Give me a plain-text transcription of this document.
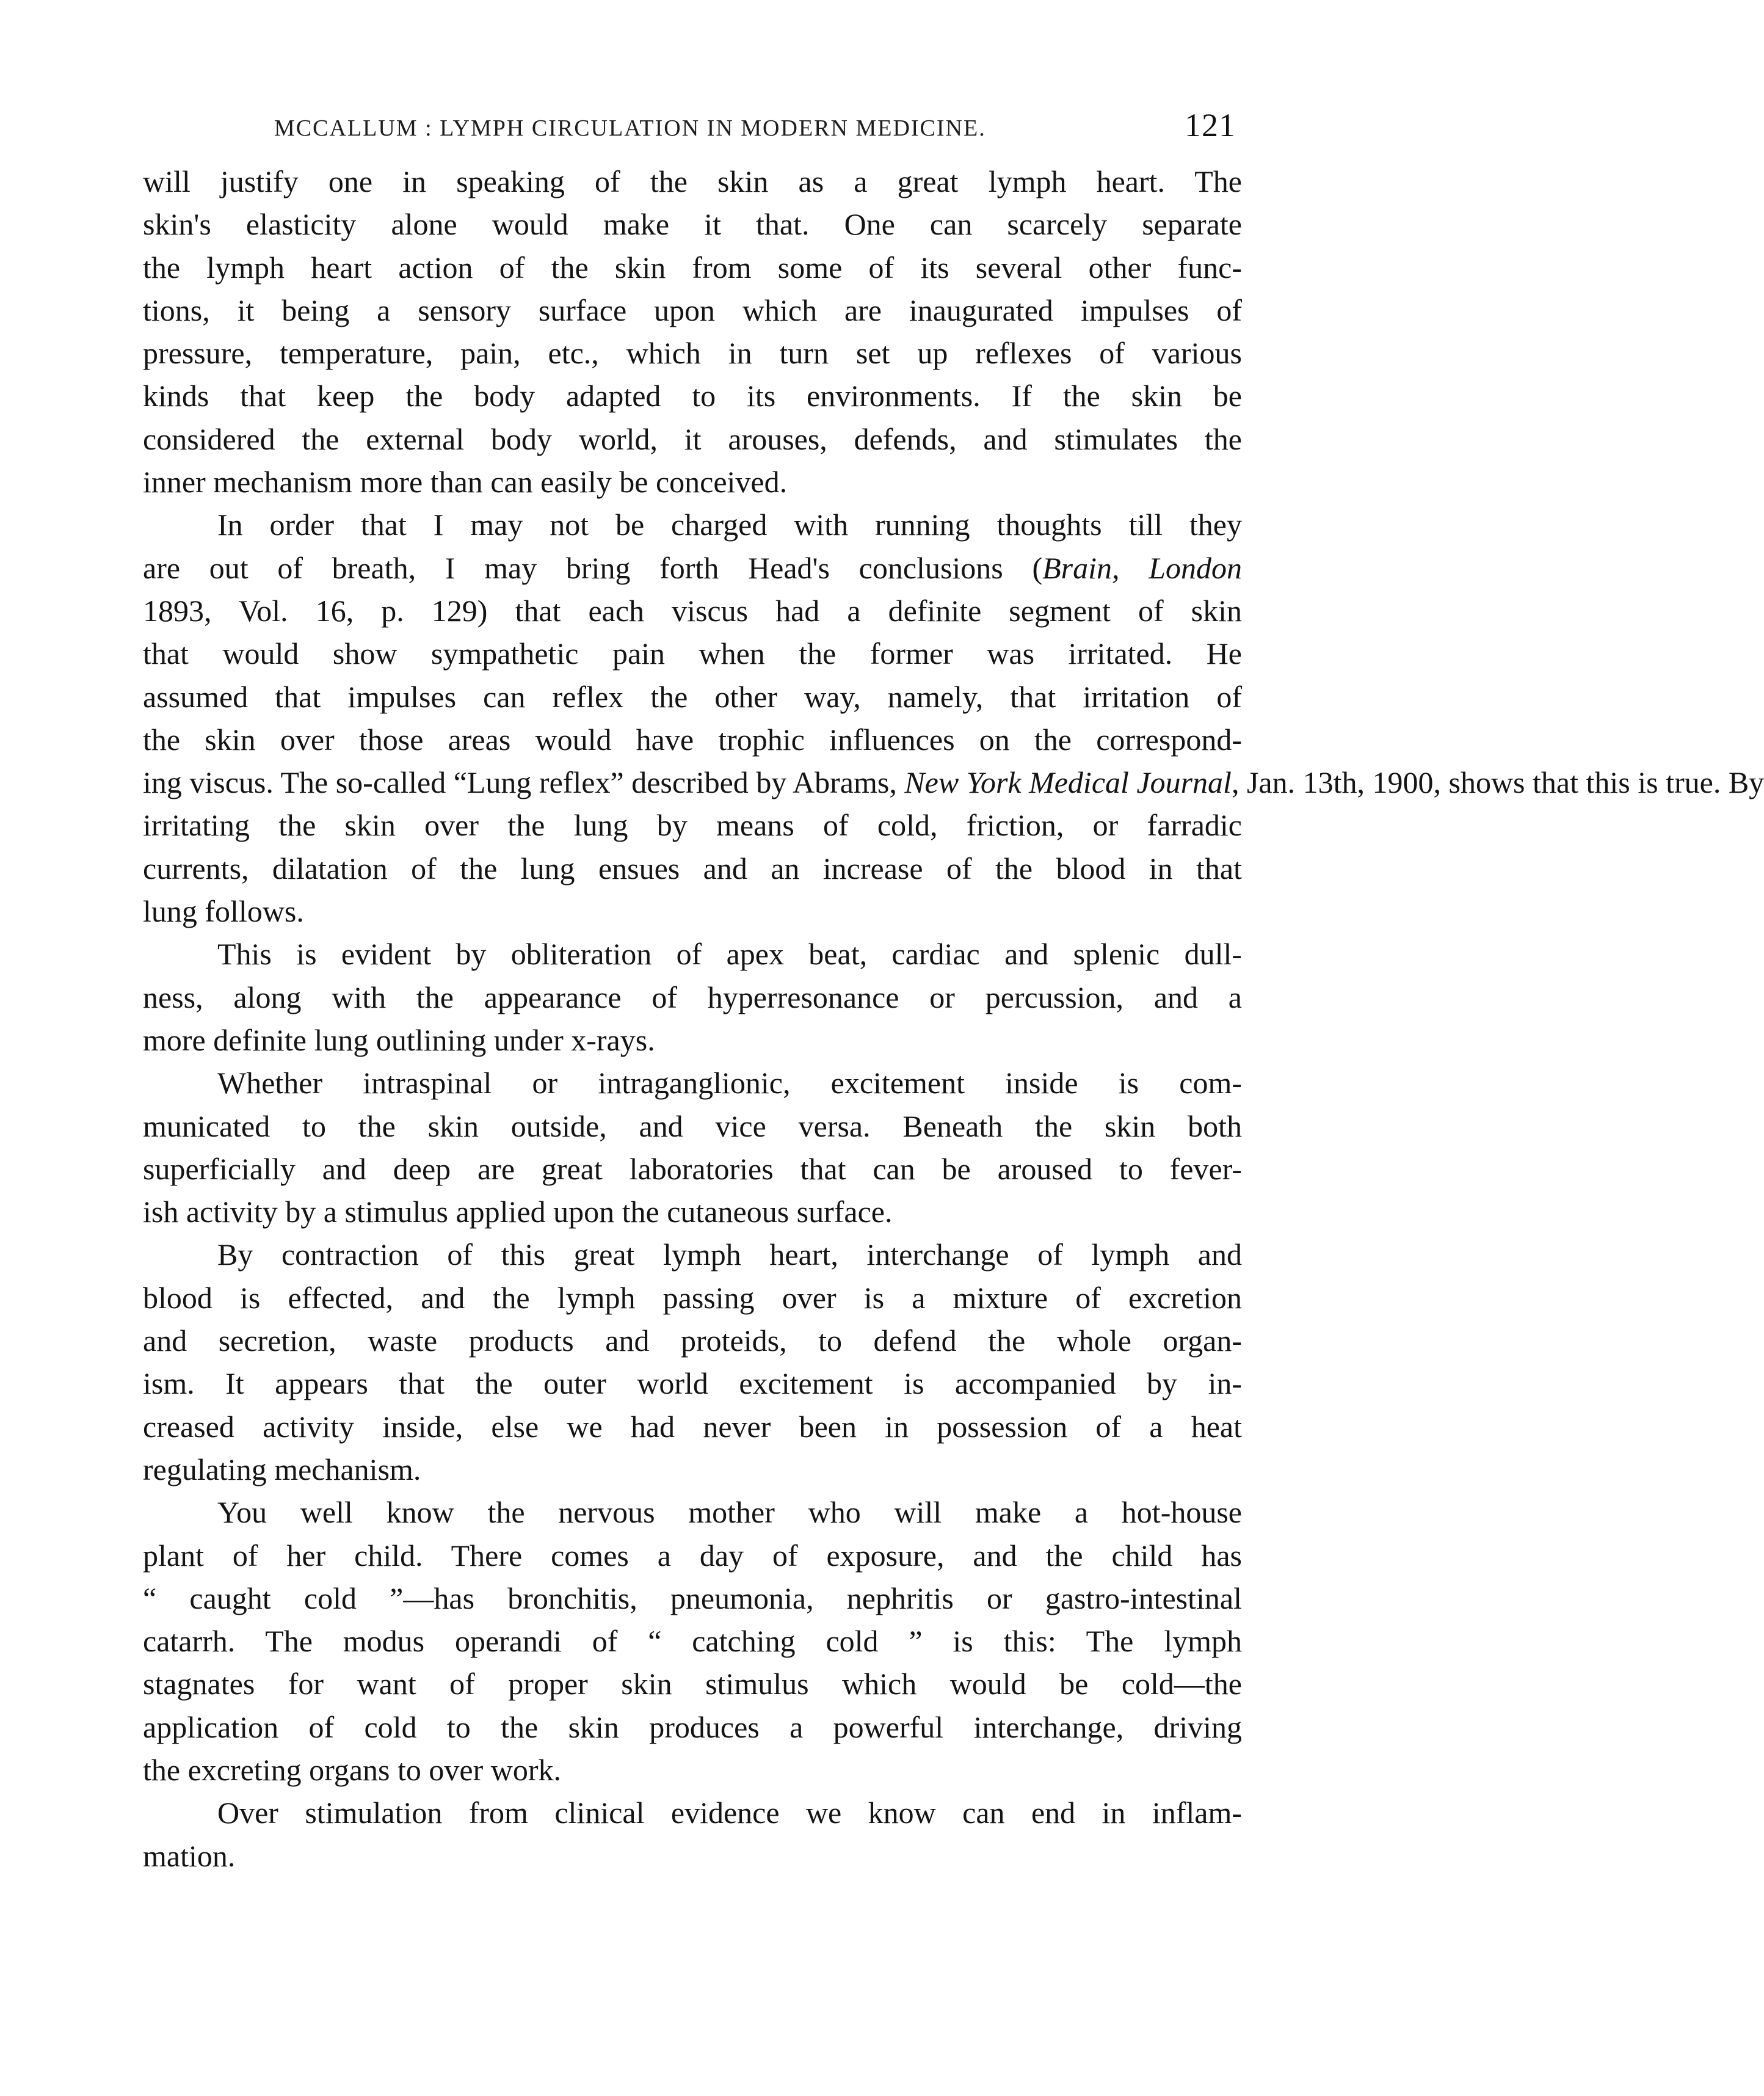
MCCALLUM : LYMPH CIRCULATION IN MODERN MEDICINE.	121

will justify one in speaking of the skin as a great lymph heart. The
skin's elasticity alone would make it that. One can scarcely separate
the lymph heart action of the skin from some of its several other func-
tions, it being a sensory surface upon which are inaugurated impulses of
pressure, temperature, pain, etc., which in turn set up reflexes of various
kinds that keep the body adapted to its environments. If the skin be
considered the external body world, it arouses, defends, and stimulates the
inner mechanism more than can easily be conceived.

In order that I may not be charged with running thoughts till they
are out of breath, I may bring forth Head's conclusions (Brain, London
1893, Vol. 16, p. 129) that each viscus had a definite segment of skin
that would show sympathetic pain when the former was irritated. He
assumed that impulses can reflex the other way, namely, that irritation of
the skin over those areas would have trophic influences on the correspond-
ing viscus. The so-called “Lung reflex” described by Abrams, New York Medical Journal, Jan. 13th, 1900, shows that this is true. By
irritating the skin over the lung by means of cold, friction, or farradic
currents, dilatation of the lung ensues and an increase of the blood in that
lung follows.

This is evident by obliteration of apex beat, cardiac and splenic dull-
ness, along with the appearance of hyperresonance or percussion, and a
more definite lung outlining under x-rays.

Whether intraspinal or intraganglionic, excitement inside is com-
municated to the skin outside, and vice versa. Beneath the skin both
superficially and deep are great laboratories that can be aroused to fever-
ish activity by a stimulus applied upon the cutaneous surface.

By contraction of this great lymph heart, interchange of lymph and
blood is effected, and the lymph passing over is a mixture of excretion
and secretion, waste products and proteids, to defend the whole organ-
ism. It appears that the outer world excitement is accompanied by in-
creased activity inside, else we had never been in possession of a heat
regulating mechanism.

You well know the nervous mother who will make a hot-house
plant of her child. There comes a day of exposure, and the child has
“ caught cold ”—has bronchitis, pneumonia, nephritis or gastro-intestinal
catarrh. The modus operandi of “ catching cold ” is this: The lymph
stagnates for want of proper skin stimulus which would be cold—the
application of cold to the skin produces a powerful interchange, driving
the excreting organs to over work.

Over stimulation from clinical evidence we know can end in inflam-
mation.
